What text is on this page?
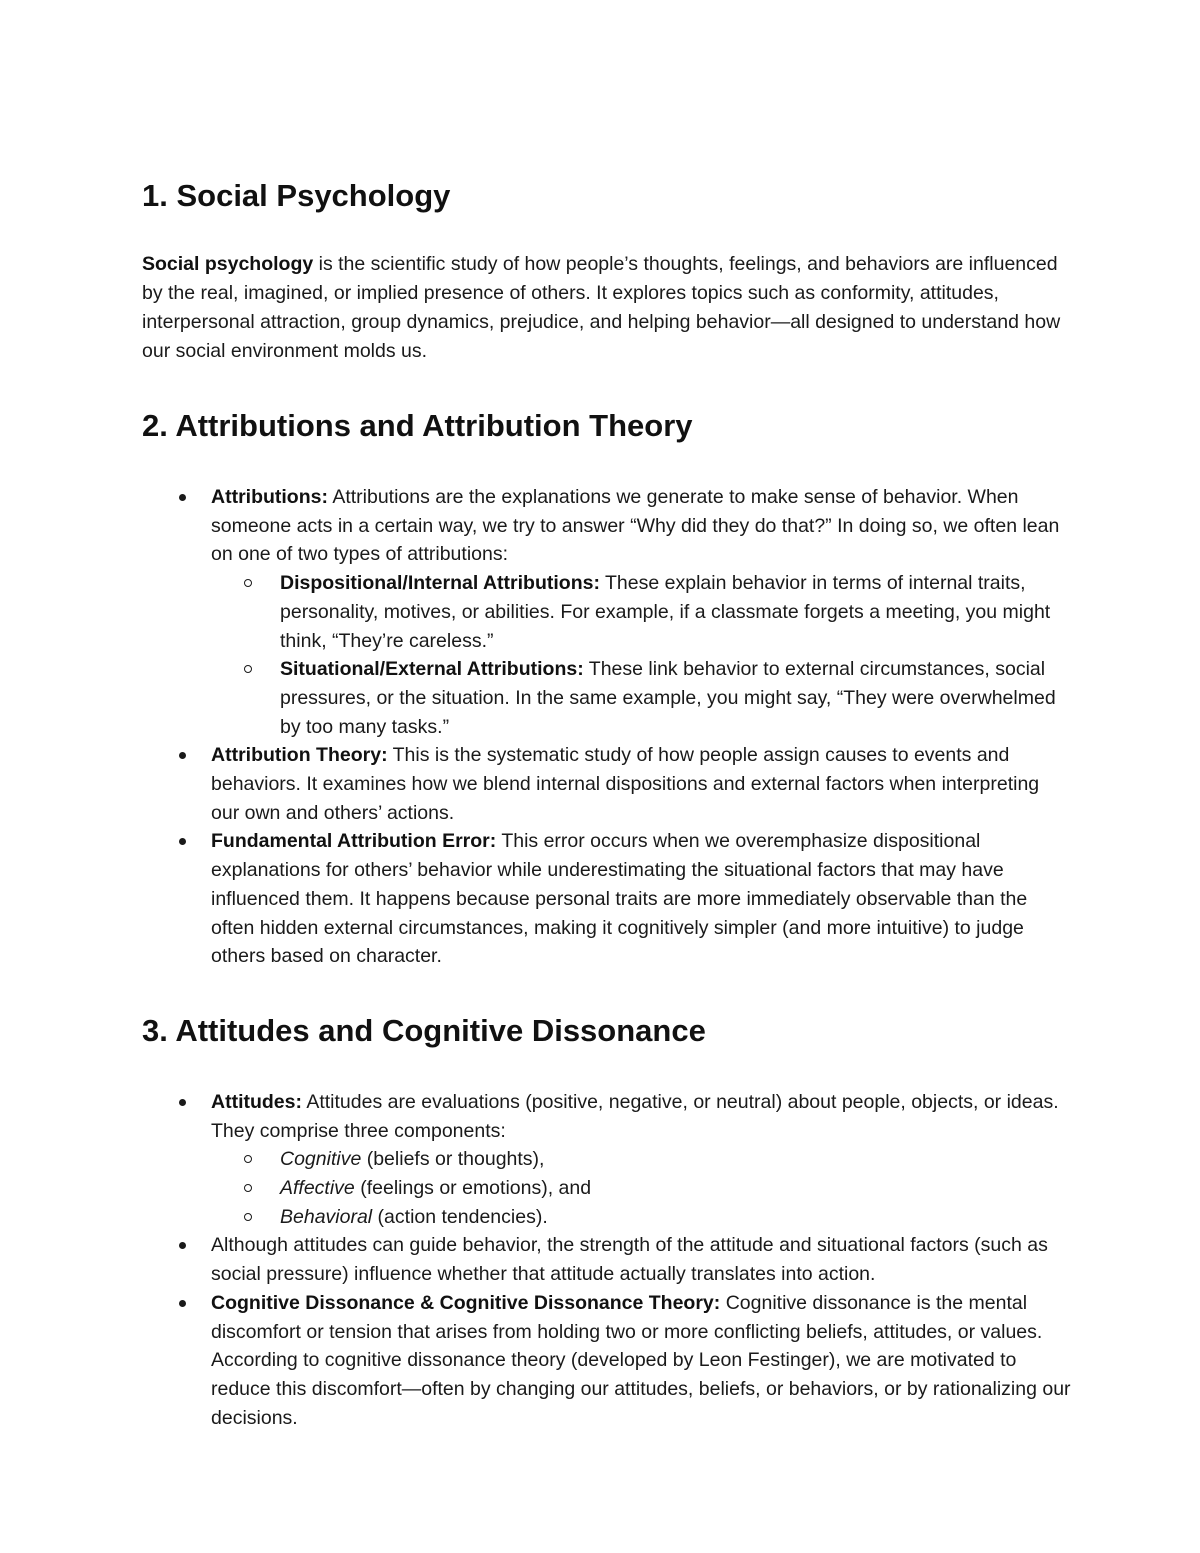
1. Social Psychology

Social psychology is the scientific study of how people’s thoughts, feelings, and behaviors are influenced by the real, imagined, or implied presence of others. It explores topics such as conformity, attitudes, interpersonal attraction, group dynamics, prejudice, and helping behavior—all designed to understand how our social environment molds us.

2. Attributions and Attribution Theory
Attributions: Attributions are the explanations we generate to make sense of behavior. When someone acts in a certain way, we try to answer “Why did they do that?” In doing so, we often lean on one of two types of attributions:
Dispositional/Internal Attributions: These explain behavior in terms of internal traits, personality, motives, or abilities. For example, if a classmate forgets a meeting, you might think, “They’re careless.”
Situational/External Attributions: These link behavior to external circumstances, social pressures, or the situation. In the same example, you might say, “They were overwhelmed by too many tasks.”
Attribution Theory: This is the systematic study of how people assign causes to events and behaviors. It examines how we blend internal dispositions and external factors when interpreting our own and others’ actions.
Fundamental Attribution Error: This error occurs when we overemphasize dispositional explanations for others’ behavior while underestimating the situational factors that may have influenced them. It happens because personal traits are more immediately observable than the often hidden external circumstances, making it cognitively simpler (and more intuitive) to judge others based on character.
3. Attitudes and Cognitive Dissonance
Attitudes: Attitudes are evaluations (positive, negative, or neutral) about people, objects, or ideas. They comprise three components:
Cognitive (beliefs or thoughts),
Affective (feelings or emotions), and
Behavioral (action tendencies).
Although attitudes can guide behavior, the strength of the attitude and situational factors (such as social pressure) influence whether that attitude actually translates into action.
Cognitive Dissonance & Cognitive Dissonance Theory: Cognitive dissonance is the mental discomfort or tension that arises from holding two or more conflicting beliefs, attitudes, or values. According to cognitive dissonance theory (developed by Leon Festinger), we are motivated to reduce this discomfort—often by changing our attitudes, beliefs, or behaviors, or by rationalizing our decisions.
